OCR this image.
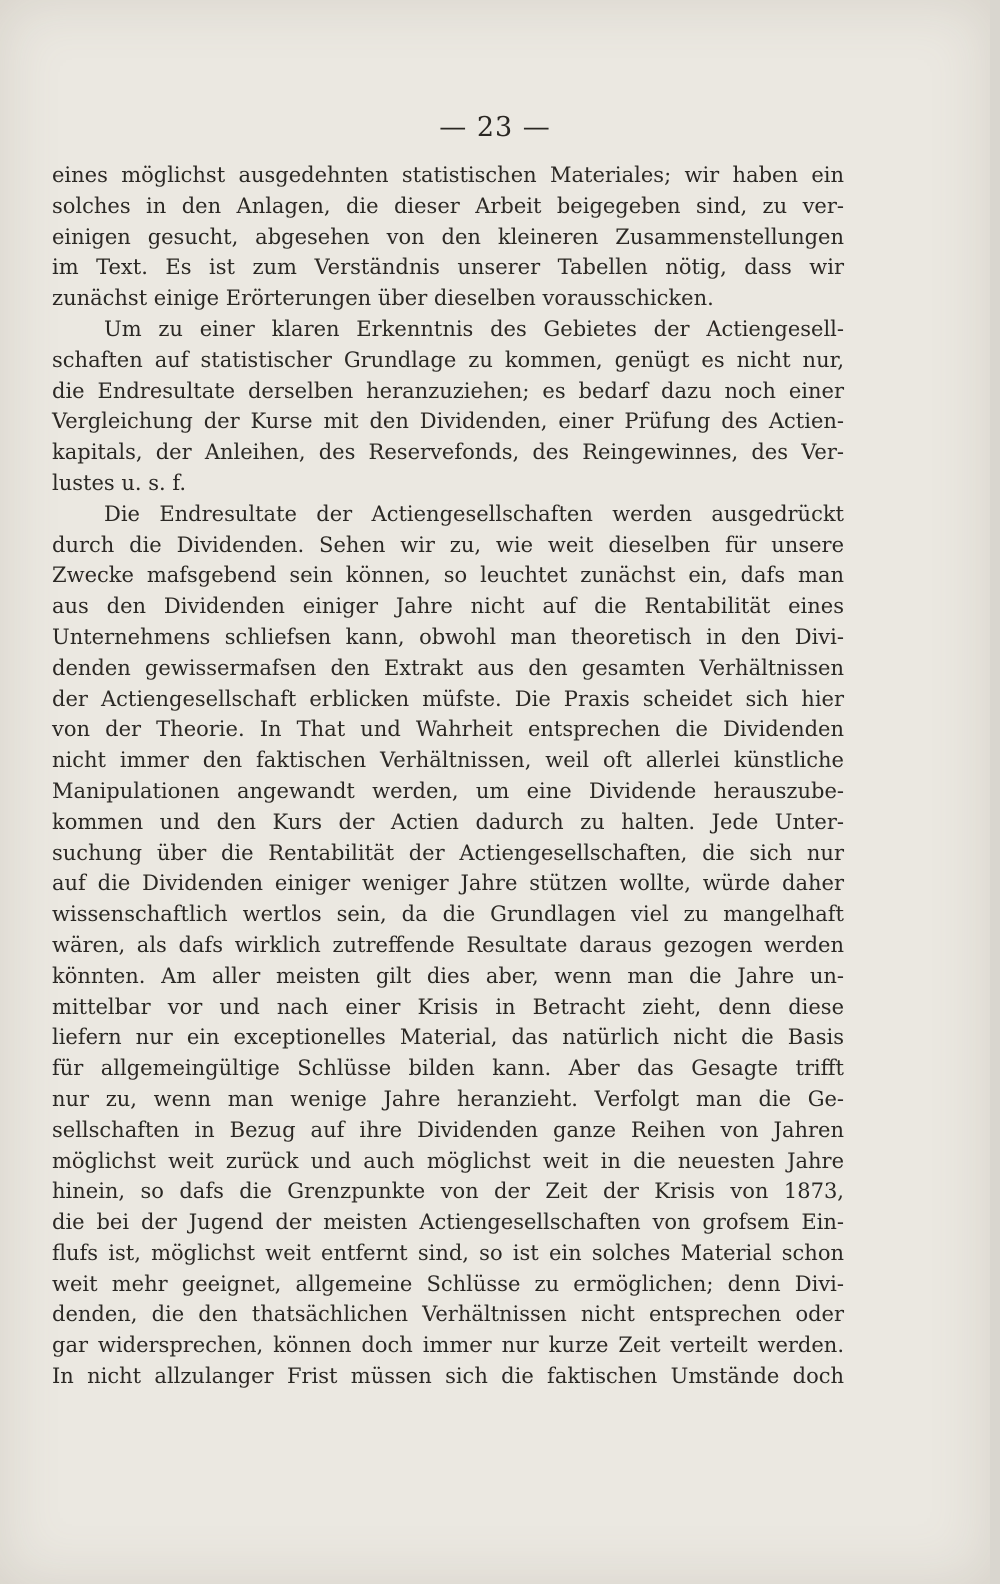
— 23 —
eines möglichst ausgedehnten statistischen Materiales; wir haben ein
solches in den Anlagen, die dieser Arbeit beigegeben sind, zu ver-
einigen gesucht, abgesehen von den kleineren Zusammenstellungen
im Text. Es ist zum Verständnis unserer Tabellen nötig, dass wir
zunächst einige Erörterungen über dieselben vorausschicken.
Um zu einer klaren Erkenntnis des Gebietes der Actiengesell-
schaften auf statistischer Grundlage zu kommen, genügt es nicht nur,
die Endresultate derselben heranzuziehen; es bedarf dazu noch einer
Vergleichung der Kurse mit den Dividenden, einer Prüfung des Actien-
kapitals, der Anleihen, des Reservefonds, des Reingewinnes, des Ver-
lustes u. s. f.
Die Endresultate der Actiengesellschaften werden ausgedrückt
durch die Dividenden. Sehen wir zu, wie weit dieselben für unsere
Zwecke mafsgebend sein können, so leuchtet zunächst ein, dafs man
aus den Dividenden einiger Jahre nicht auf die Rentabilität eines
Unternehmens schliefsen kann, obwohl man theoretisch in den Divi-
denden gewissermafsen den Extrakt aus den gesamten Verhältnissen
der Actiengesellschaft erblicken müfste. Die Praxis scheidet sich hier
von der Theorie. In That und Wahrheit entsprechen die Dividenden
nicht immer den faktischen Verhältnissen, weil oft allerlei künstliche
Manipulationen angewandt werden, um eine Dividende herauszube-
kommen und den Kurs der Actien dadurch zu halten. Jede Unter-
suchung über die Rentabilität der Actiengesellschaften, die sich nur
auf die Dividenden einiger weniger Jahre stützen wollte, würde daher
wissenschaftlich wertlos sein, da die Grundlagen viel zu mangelhaft
wären, als dafs wirklich zutreffende Resultate daraus gezogen werden
könnten. Am aller meisten gilt dies aber, wenn man die Jahre un-
mittelbar vor und nach einer Krisis in Betracht zieht, denn diese
liefern nur ein exceptionelles Material, das natürlich nicht die Basis
für allgemeingültige Schlüsse bilden kann. Aber das Gesagte trifft
nur zu, wenn man wenige Jahre heranzieht. Verfolgt man die Ge-
sellschaften in Bezug auf ihre Dividenden ganze Reihen von Jahren
möglichst weit zurück und auch möglichst weit in die neuesten Jahre
hinein, so dafs die Grenzpunkte von der Zeit der Krisis von 1873,
die bei der Jugend der meisten Actiengesellschaften von grofsem Ein-
flufs ist, möglichst weit entfernt sind, so ist ein solches Material schon
weit mehr geeignet, allgemeine Schlüsse zu ermöglichen; denn Divi-
denden, die den thatsächlichen Verhältnissen nicht entsprechen oder
gar widersprechen, können doch immer nur kurze Zeit verteilt werden.
In nicht allzulanger Frist müssen sich die faktischen Umstände doch
